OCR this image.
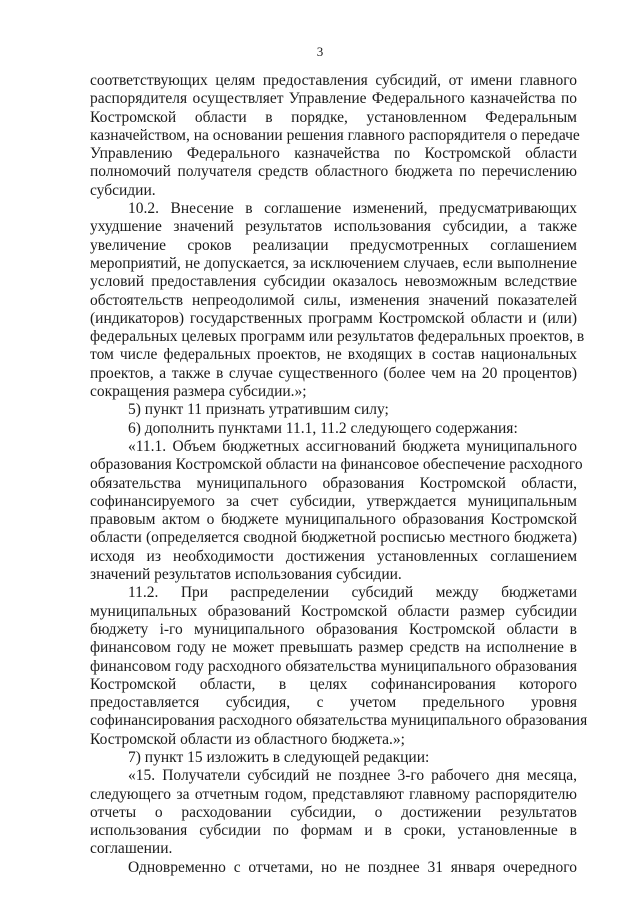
3
соответствующих целям предоставления субсидий, от имени главного
распорядителя осуществляет Управление Федерального казначейства по
Костромской области в порядке, установленном Федеральным
казначейством, на основании решения главного распорядителя о передаче
Управлению Федерального казначейства по Костромской области
полномочий получателя средств областного бюджета по перечислению
субсидии.
10.2. Внесение в соглашение изменений, предусматривающих
ухудшение значений результатов использования субсидии, а также
увеличение сроков реализации предусмотренных соглашением
мероприятий, не допускается, за исключением случаев, если выполнение
условий предоставления субсидии оказалось невозможным вследствие
обстоятельств непреодолимой силы, изменения значений показателей
(индикаторов) государственных программ Костромской области и (или)
федеральных целевых программ или результатов федеральных проектов, в
том числе федеральных проектов, не входящих в состав национальных
проектов, а также в случае существенного (более чем на 20 процентов)
сокращения размера субсидии.»;
5) пункт 11 признать утратившим силу;
6) дополнить пунктами 11.1, 11.2 следующего содержания:
«11.1. Объем бюджетных ассигнований бюджета муниципального
образования Костромской области на финансовое обеспечение расходного
обязательства муниципального образования Костромской области,
софинансируемого за счет субсидии, утверждается муниципальным
правовым актом о бюджете муниципального образования Костромской
области (определяется сводной бюджетной росписью местного бюджета)
исходя из необходимости достижения установленных соглашением
значений результатов использования субсидии.
11.2. При распределении субсидий между бюджетами
муниципальных образований Костромской области размер субсидии
бюджету i-го муниципального образования Костромской области в
финансовом году не может превышать размер средств на исполнение в
финансовом году расходного обязательства муниципального образования
Костромской области, в целях софинансирования которого
предоставляется субсидия, с учетом предельного уровня
софинансирования расходного обязательства муниципального образования
Костромской области из областного бюджета.»;
7) пункт 15 изложить в следующей редакции:
«15. Получатели субсидий не позднее 3-го рабочего дня месяца,
следующего за отчетным годом, представляют главному распорядителю
отчеты о расходовании субсидии, о достижении результатов
использования субсидии по формам и в сроки, установленные в
соглашении.
Одновременно с отчетами, но не позднее 31 января очередного
